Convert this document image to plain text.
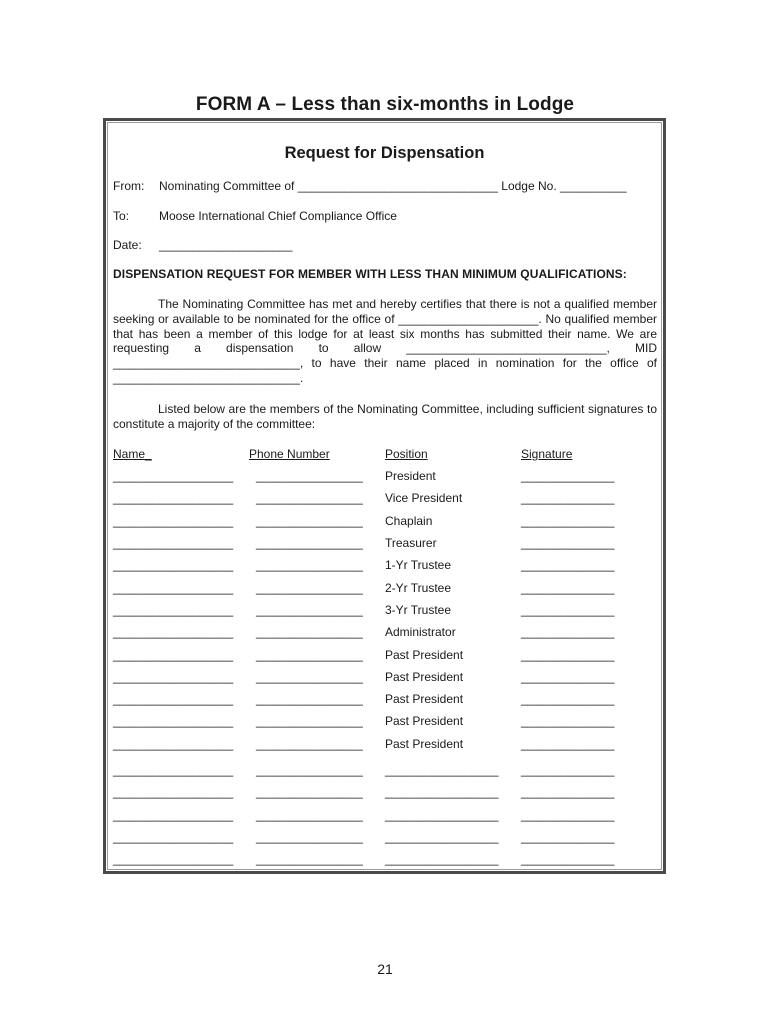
FORM A – Less than six-months in Lodge
Request for Dispensation
From: Nominating Committee of ______________________________ Lodge No. __________
To: Moose International Chief Compliance Office
Date: ____________________
DISPENSATION REQUEST FOR MEMBER WITH LESS THAN MINIMUM QUALIFICATIONS:
The Nominating Committee has met and hereby certifies that there is not a qualified member seeking or available to be nominated for the office of _____________________. No qualified member that has been a member of this lodge for at least six months has submitted their name. We are requesting a dispensation to allow ______________________________, MID ____________________________, to have their name placed in nomination for the office of ____________________________.
Listed below are the members of the Nominating Committee, including sufficient signatures to constitute a majority of the committee:
Name_	Phone Number	Position	Signature
__________________ ________________ President	______________
__________________ ________________ Vice President	______________
__________________ ________________ Chaplain	______________
__________________ ________________ Treasurer	______________
__________________ ________________ 1-Yr Trustee	______________
__________________ ________________ 2-Yr Trustee	______________
__________________ ________________ 3-Yr Trustee	______________
__________________ ________________ Administrator	______________
__________________ ________________ Past President	______________
__________________ ________________ Past President	______________
__________________ ________________ Past President	______________
__________________ ________________ Past President	______________
__________________ ________________ Past President	______________
__________________ ________________ _________________ ______________
__________________ ________________ _________________ ______________
__________________ ________________ _________________ ______________
__________________ ________________ _________________ ______________
__________________ ________________ _________________ ______________
21
